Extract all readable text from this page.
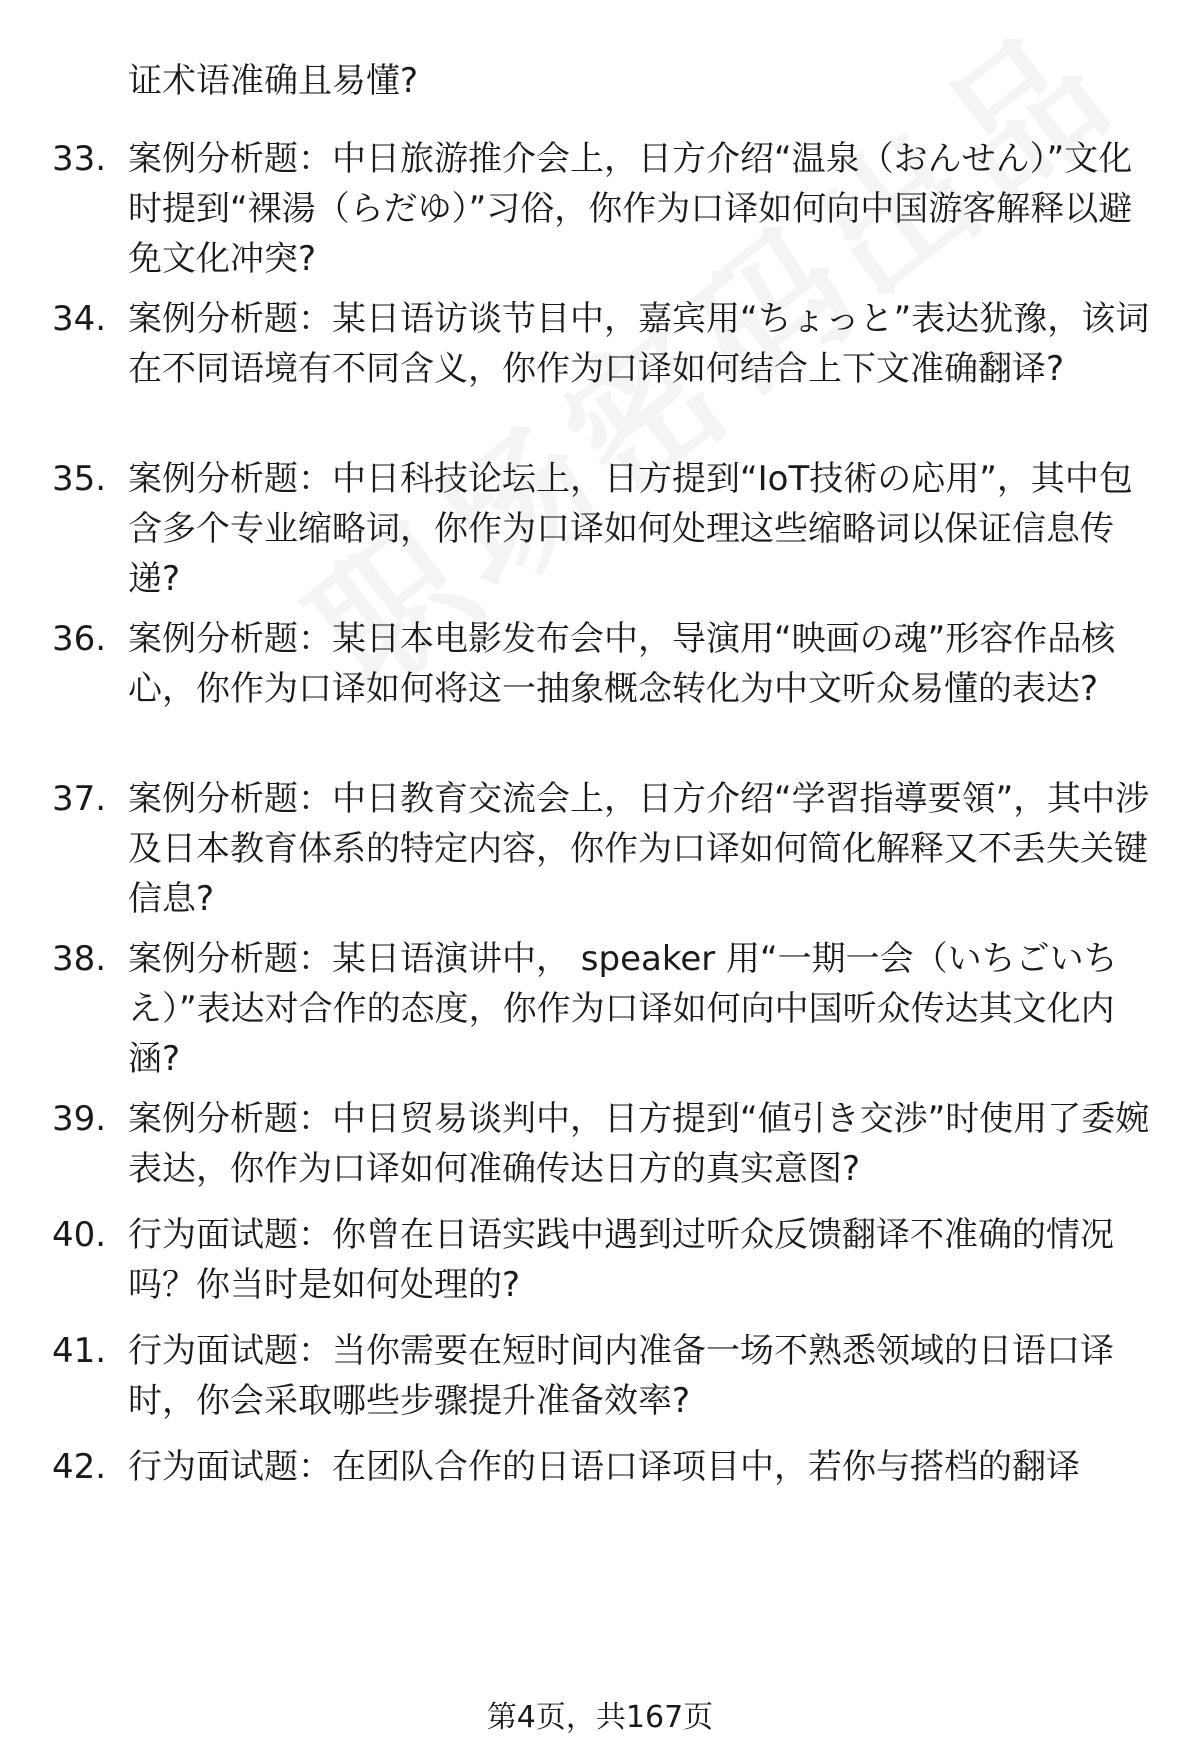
证术语准确且易懂?

33. 案例分析题：中日旅游推介会上，日方介绍“温泉（おんせん）”文化时提到“裸湯（らだゆ）”习俗，你作为口译如何向中国游客解释以避免文化冲突?

34. 案例分析题：某日语访谈节目中，嘉宾用“ちょっと”表达犹豫，该词在不同语境有不同含义，你作为口译如何结合上下文准确翻译?

35. 案例分析题：中日科技论坛上，日方提到“IoT技術の応用”，其中包含多个专业缩略词，你作为口译如何处理这些缩略词以保证信息传递?

36. 案例分析题：某日本电影发布会中，导演用“映画の魂”形容作品核心，你作为口译如何将这一抽象概念转化为中文听众易懂的表达?

37. 案例分析题：中日教育交流会上，日方介绍“学習指導要領”，其中涉及日本教育体系的特定内容，你作为口译如何简化解释又不丢失关键信息?

38. 案例分析题：某日语演讲中， speaker 用“一期一会（いちごいちえ）”表达对合作的态度，你作为口译如何向中国听众传达其文化内涵?

39. 案例分析题：中日贸易谈判中，日方提到“値引き交渉”时使用了委婉表达，你作为口译如何准确传达日方的真实意图?

40. 行为面试题：你曾在日语实践中遇到过听众反馈翻译不准确的情况吗？你当时是如何处理的?

41. 行为面试题：当你需要在短时间内准备一场不熟悉领域的日语口译时，你会采取哪些步骤提升准备效率?

42. 行为面试题：在团队合作的日语口译项目中，若你与搭档的翻译

第4页，共167页
